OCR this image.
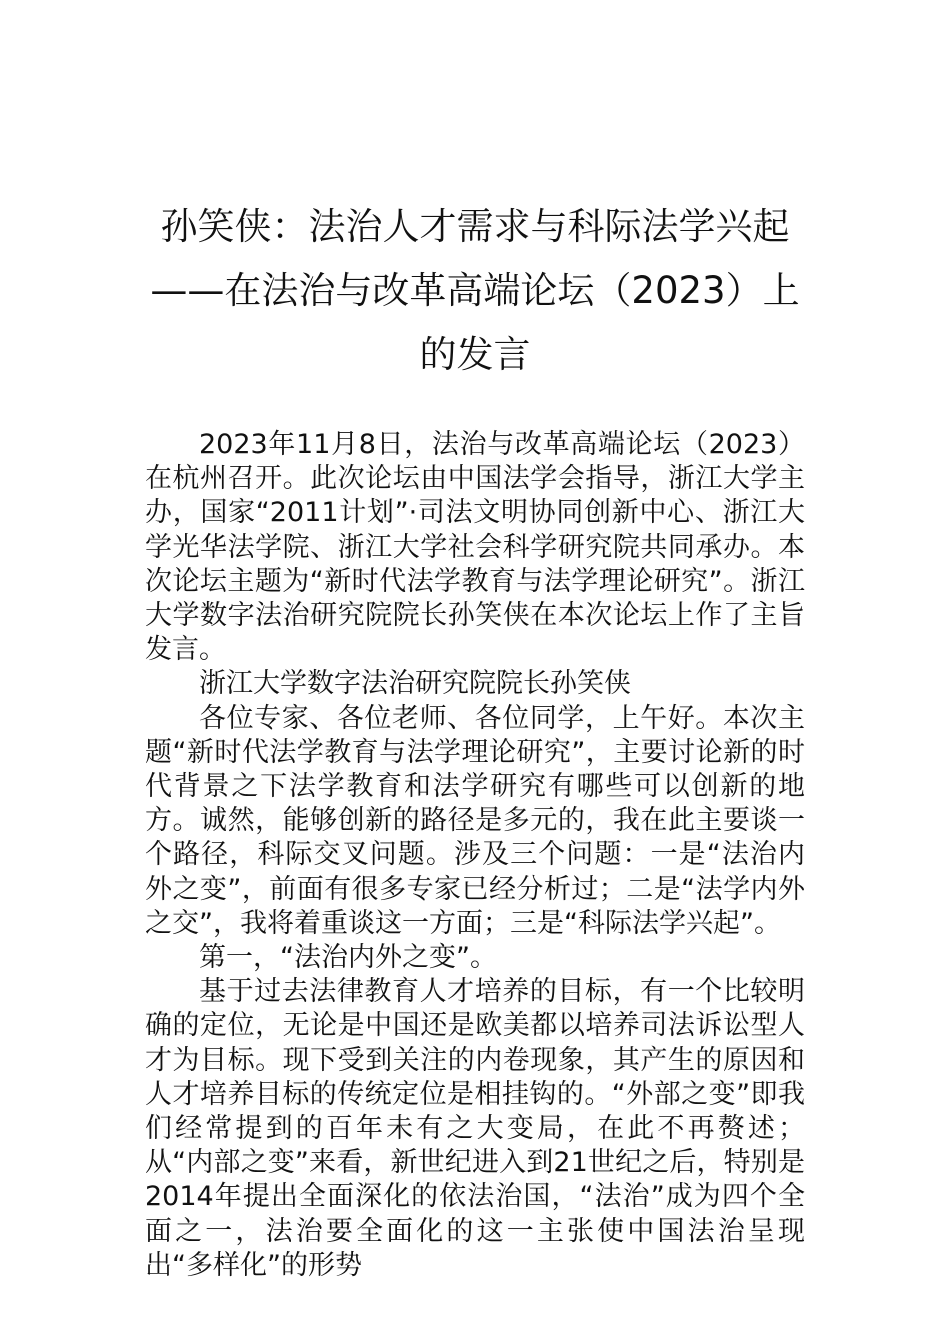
孙笑侠：法治人才需求与科际法学兴起——在法治与改革高端论坛（2023）上的发言

2023年11月8日，法治与改革高端论坛（2023）在杭州召开。此次论坛由中国法学会指导，浙江大学主办，国家“2011计划”·司法文明协同创新中心、浙江大学光华法学院、浙江大学社会科学研究院共同承办。本次论坛主题为“新时代法学教育与法学理论研究”。浙江大学数字法治研究院院长孙笑侠在本次论坛上作了主旨发言。

浙江大学数字法治研究院院长孙笑侠

各位专家、各位老师、各位同学，上午好。本次主题“新时代法学教育与法学理论研究”，主要讨论新的时代背景之下法学教育和法学研究有哪些可以创新的地方。诚然，能够创新的路径是多元的，我在此主要谈一个路径，科际交叉问题。涉及三个问题：一是“法治内外之变”，前面有很多专家已经分析过；二是“法学内外之交”，我将着重谈这一方面；三是“科际法学兴起”。

第一，“法治内外之变”。

基于过去法律教育人才培养的目标，有一个比较明确的定位，无论是中国还是欧美都以培养司法诉讼型人才为目标。现下受到关注的内卷现象，其产生的原因和人才培养目标的传统定位是相挂钩的。“外部之变”即我们经常提到的百年未有之大变局，在此不再赘述；从“内部之变”来看，新世纪进入到21世纪之后，特别是2014年提出全面深化的依法治国，“法治”成为四个全面之一，法治要全面化的这一主张使中国法治呈现出“多样化”的形势
